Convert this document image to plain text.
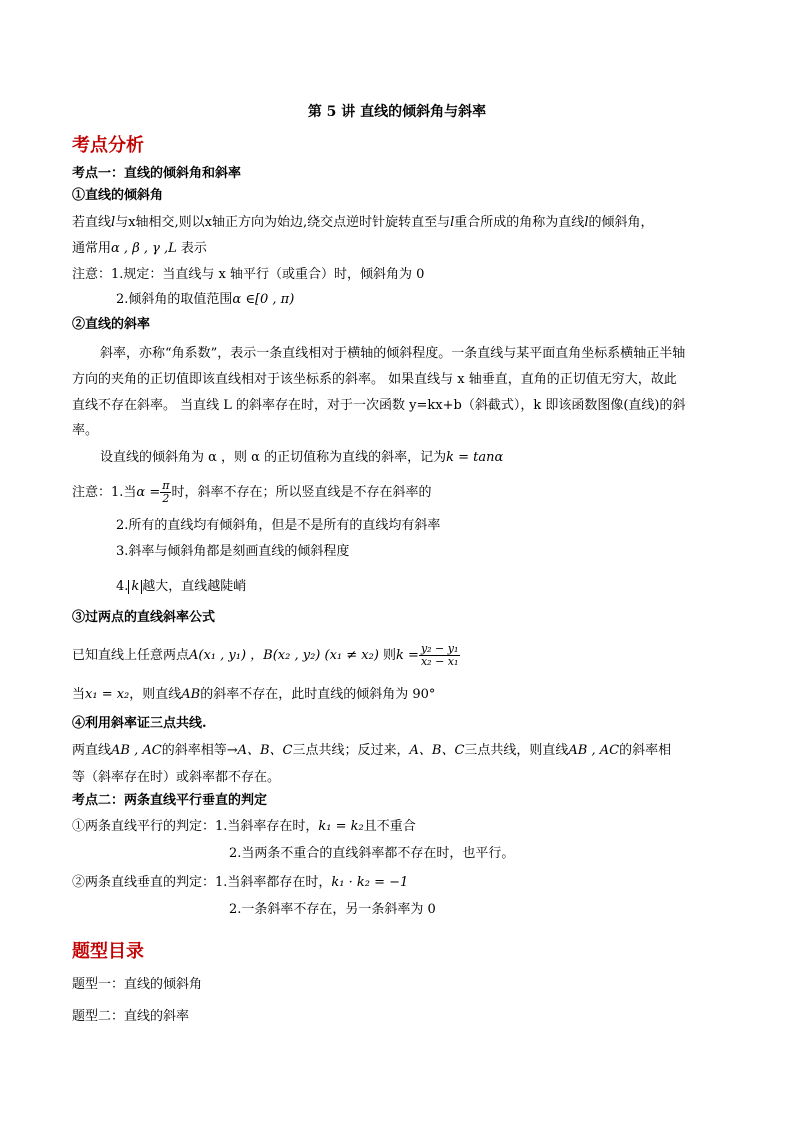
第 5 讲 直线的倾斜角与斜率
考点分析
考点一：直线的倾斜角和斜率
①直线的倾斜角
若直线l与x轴相交,则以x轴正方向为始边,绕交点逆时针旋转直至与l重合所成的角称为直线l的倾斜角，
通常用α , β , γ ,L 表示
注意：1.规定：当直线与 x 轴平行（或重合）时，倾斜角为 0
2.倾斜角的取值范围α ∈[0 , π)
②直线的斜率
斜率，亦称“角系数”，表示一条直线相对于横轴的倾斜程度。一条直线与某平面直角坐标系横轴正半轴
方向的夹角的正切值即该直线相对于该坐标系的斜率。 如果直线与 x 轴垂直，直角的正切值无穷大，故此
直线不存在斜率。 当直线 L 的斜率存在时，对于一次函数 y=kx+b（斜截式），k 即该函数图像(直线)的斜
率。
设直线的倾斜角为 α ，则 α 的正切值称为直线的斜率，记为k = tanα
注意：1.当$\alpha = \frac{\pi}{2}$ 时，斜率不存在；所以竖直线是不存在斜率的
2.所有的直线均有倾斜角，但是不是所有的直线均有斜率
3.斜率与倾斜角都是刻画直线的倾斜程度
4. k 越大，直线越陡峭
③过两点的直线斜率公式
已知直线上任意两点A(x₁ , y₁) ，B(x₂ , y₂) (x₁ ≠ x₂) 则$k = \frac{\text{y₂ − y₁}}{\text{x₂ − x₁}}$
当x₁ = x₂，则直线AB的斜率不存在，此时直线的倾斜角为 90°
④利用斜率证三点共线.
两直线AB , AC的斜率相等→A、B、C三点共线；反过来，A、B、C三点共线，则直线AB , AC的斜率相
等（斜率存在时）或斜率都不存在。
考点二：两条直线平行垂直的判定
①两条直线平行的判定：1.当斜率存在时，k₁ = k₂且不重合
2.当两条不重合的直线斜率都不存在时，也平行。
②两条直线垂直的判定：1.当斜率都存在时，k₁ · k₂ = −1
2.一条斜率不存在，另一条斜率为 0
题型目录
题型一：直线的倾斜角
题型二：直线的斜率
